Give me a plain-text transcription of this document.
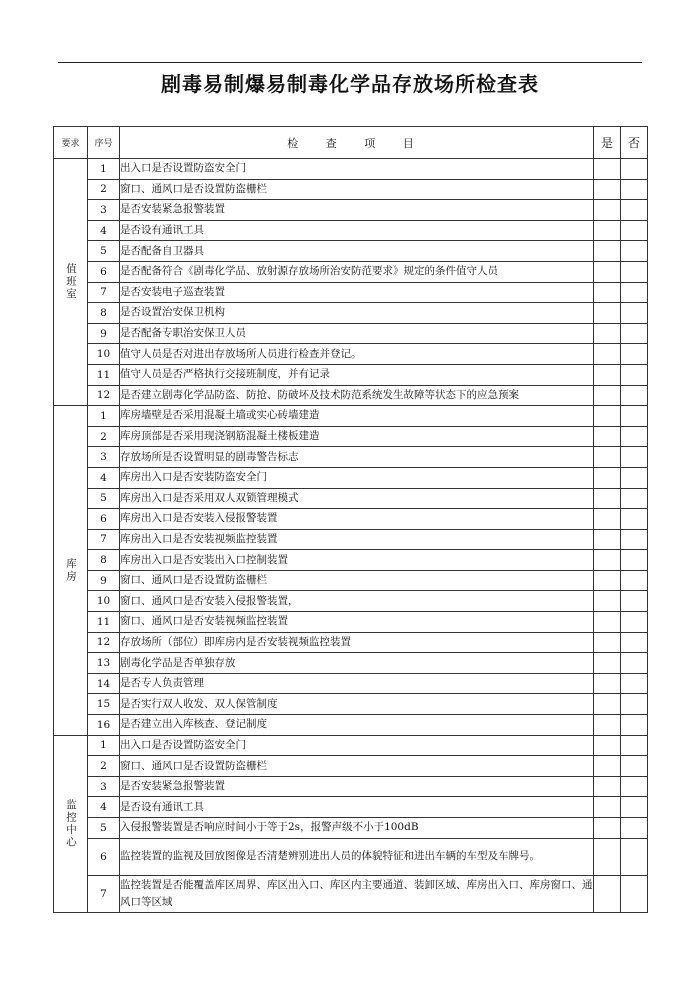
剧毒易制爆易制毒化学品存放场所检查表
要求	序号	检 查 项 目	是	否
值班室	1	出入口是否设置防盗安全门		
	2	窗口、通风口是否设置防盗栅栏		
	3	是否安装紧急报警装置		
	4	是否设有通讯工具		
	5	是否配备自卫器具		
	6	是否配备符合《剧毒化学品、放射源存放场所治安防范要求》规定的条件值守人员		
	7	是否安装电子巡查装置		
	8	是否设置治安保卫机构		
	9	是否配备专职治安保卫人员		
	10	值守人员是否对进出存放场所人员进行检查并登记。		
	11	值守人员是否严格执行交接班制度，并有记录		
	12	是否建立剧毒化学品防盗、防抢、防破坏及技术防范系统发生故障等状态下的应急预案		
库房	1	库房墙壁是否采用混凝土墙或实心砖墙建造		
	2	库房顶部是否采用现浇钢筋混凝土楼板建造		
	3	存放场所是否设置明显的剧毒警告标志		
	4	库房出入口是否安装防盗安全门		
	5	库房出入口是否采用双人双锁管理模式		
	6	库房出入口是否安装入侵报警装置		
	7	库房出入口是否安装视频监控装置		
	8	库房出入口是否安装出入口控制装置		
	9	窗口、通风口是否设置防盗栅栏		
	10	窗口、通风口是否安装入侵报警装置，		
	11	窗口、通风口是否安装视频监控装置		
	12	存放场所（部位）即库房内是否安装视频监控装置		
	13	剧毒化学品是否单独存放		
	14	是否专人负责管理		
	15	是否实行双人收发、双人保管制度		
	16	是否建立出入库核查、登记制度		
监控中心	1	出入口是否设置防盗安全门		
	2	窗口、通风口是否设置防盗栅栏		
	3	是否安装紧急报警装置		
	4	是否设有通讯工具		
	5	入侵报警装置是否响应时间小于等于2s，报警声级不小于100dB		
	6	监控装置的监视及回放图像是否清楚辨别进出人员的体貌特征和进出车辆的车型及车牌号。		
	7	监控装置是否能覆盖库区周界、库区出入口、库区内主要通道、装卸区域、库房出入口、库房窗口、通风口等区域		
